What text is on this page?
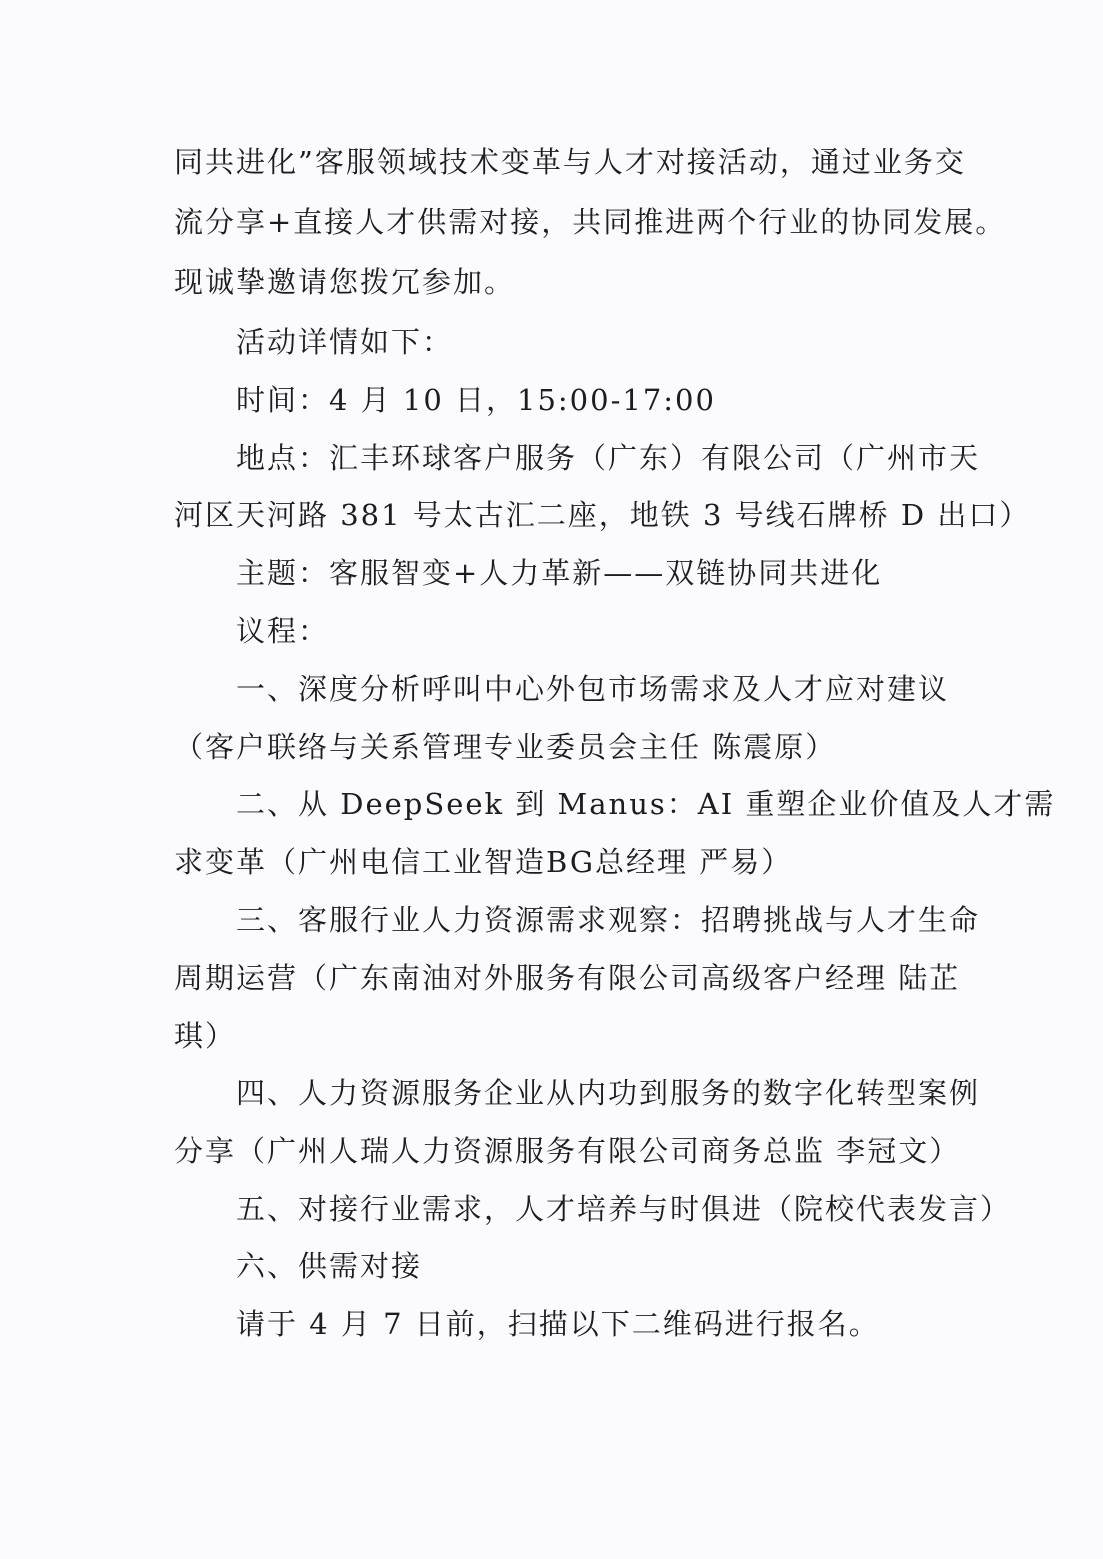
同共进化”客服领域技术变革与人才对接活动，通过业务交
流分享+直接人才供需对接，共同推进两个行业的协同发展。
现诚挚邀请您拨冗参加。
活动详情如下：
时间：4 月 10 日，15:00-17:00
地点：汇丰环球客户服务（广东）有限公司（广州市天
河区天河路 381 号太古汇二座，地铁 3 号线石牌桥 D 出口）
主题：客服智变+人力革新——双链协同共进化
议程：
一、深度分析呼叫中心外包市场需求及人才应对建议
（客户联络与关系管理专业委员会主任 陈震原）
二、从 DeepSeek 到 Manus：AI 重塑企业价值及人才需
求变革（广州电信工业智造BG总经理 严易）
三、客服行业人力资源需求观察：招聘挑战与人才生命
周期运营（广东南油对外服务有限公司高级客户经理 陆芷
琪）
四、人力资源服务企业从内功到服务的数字化转型案例
分享（广州人瑞人力资源服务有限公司商务总监 李冠文）
五、对接行业需求，人才培养与时俱进（院校代表发言）
六、供需对接
请于 4 月 7 日前，扫描以下二维码进行报名。
